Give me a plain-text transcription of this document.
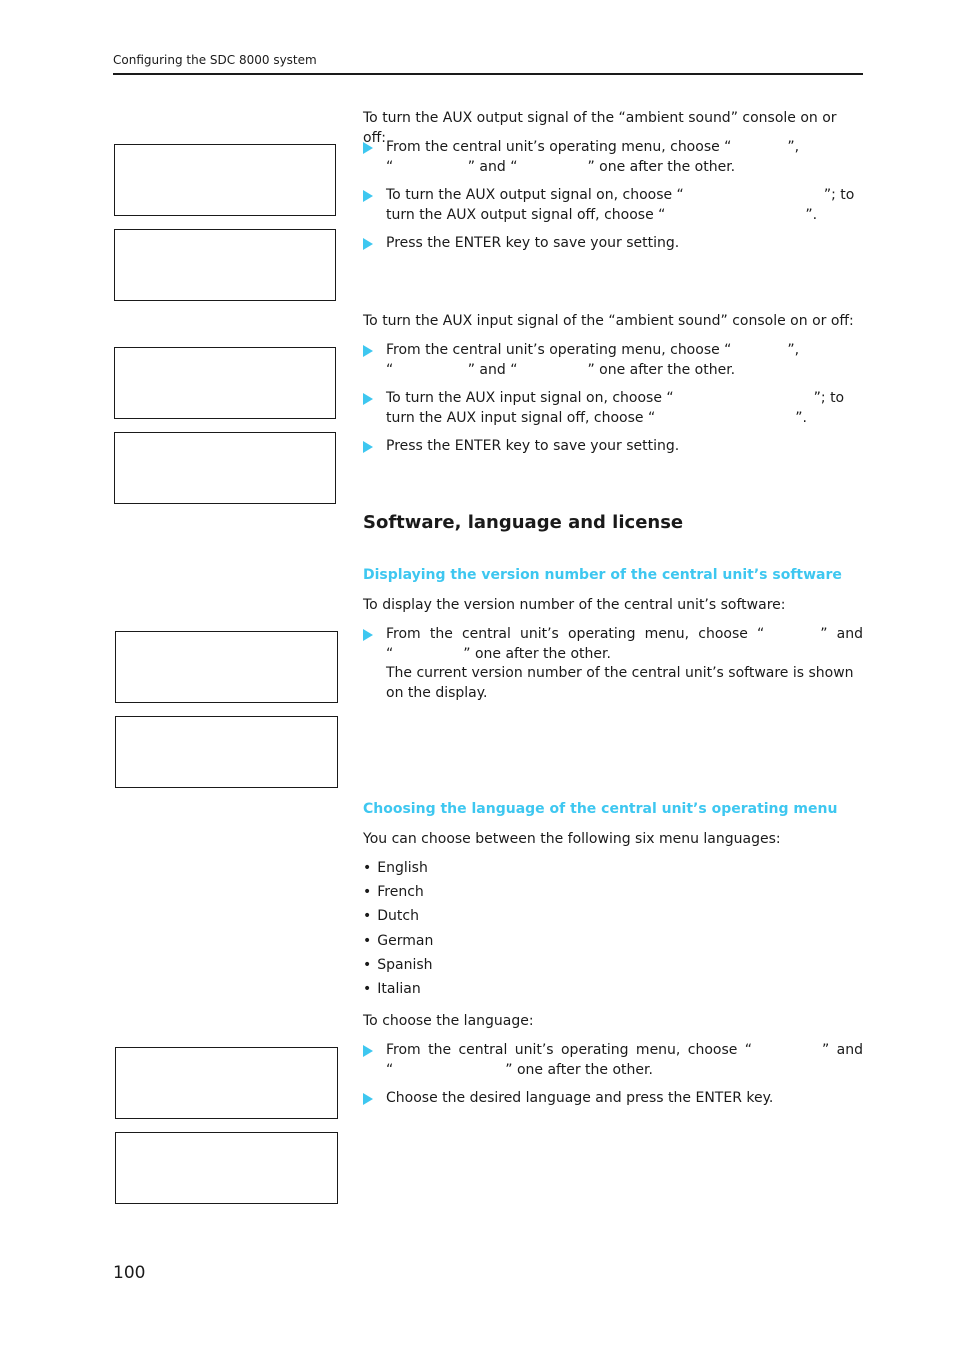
Configuring the SDC 8000 system

To turn the AUX output signal of the “ambient sound” console on or off:

From the central unit’s operating menu, choose “    ”, “      ” and “     ” one after the other.
To turn the AUX output signal on, choose “          ”; to turn the AUX output signal off, choose “          ”.
Press the ENTER key to save your setting.

To turn the AUX input signal of the “ambient sound” console on or off:

From the central unit’s operating menu, choose “    ”, “      ” and “     ” one after the other.
To turn the AUX input signal on, choose “          ”; to turn the AUX input signal off, choose “          ”.
Press the ENTER key to save your setting.
Software, language and license
Displaying the version number of the central unit’s software

To display the version number of the central unit’s software:

From the central unit’s operating menu, choose “    ” and “     ” one after the other.
The current version number of the central unit’s software is shown on the display.
Choosing the language of the central unit’s operating menu

You can choose between the following six menu languages:

• English
• French
• Dutch
• German
• Spanish
• Italian

To choose the language:

From the central unit’s operating menu, choose “     ” and “        ” one after the other.
Choose the desired language and press the ENTER key.
100
